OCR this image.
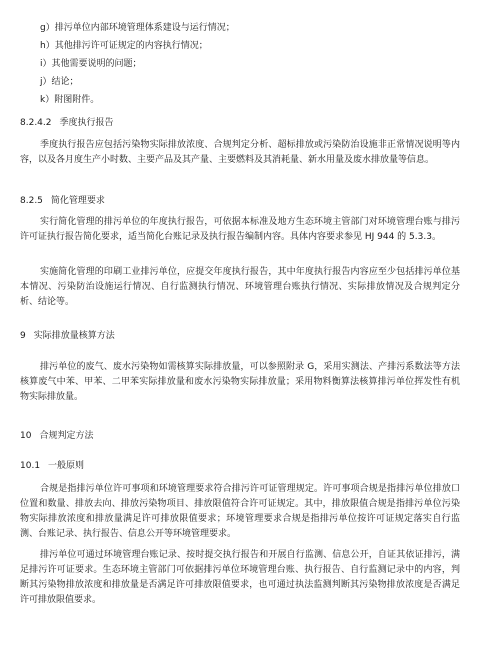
g）排污单位内部环境管理体系建设与运行情况；
h）其他排污许可证规定的内容执行情况；
i）其他需要说明的问题；
j）结论；
k）附图附件。
8.2.4.2 季度执行报告
季度执行报告应包括污染物实际排放浓度、合规判定分析、超标排放或污染防治设施非正常情况说明等内容，以及各月度生产小时数、主要产品及其产量、主要燃料及其消耗量、新水用量及废水排放量等信息。
8.2.5 简化管理要求
实行简化管理的排污单位的年度执行报告，可依据本标准及地方生态环境主管部门对环境管理台账与排污许可证执行报告简化要求，适当简化台账记录及执行报告编制内容。具体内容要求参见 HJ 944 的 5.3.3。
实施简化管理的印刷工业排污单位，应提交年度执行报告，其中年度执行报告内容应至少包括排污单位基本情况、污染防治设施运行情况、自行监测执行情况、环境管理台账执行情况、实际排放情况及合规判定分析、结论等。
9 实际排放量核算方法
排污单位的废气、废水污染物如需核算实际排放量，可以参照附录 G，采用实测法、产排污系数法等方法核算废气中苯、甲苯、二甲苯实际排放量和废水污染物实际排放量；采用物料衡算法核算排污单位挥发性有机物实际排放量。
10 合规判定方法
10.1 一般原则
合规是指排污单位许可事项和环境管理要求符合排污许可证管理规定。许可事项合规是指排污单位排放口位置和数量、排放去向、排放污染物项目、排放限值符合许可证规定。其中，排放限值合规是指排污单位污染物实际排放浓度和排放量满足许可排放限值要求；环境管理要求合规是指排污单位按许可证规定落实自行监测、台账记录、执行报告、信息公开等环境管理要求。
排污单位可通过环境管理台账记录、按时提交执行报告和开展自行监测、信息公开，自证其依证排污，满足排污许可证要求。生态环境主管部门可依据排污单位环境管理台账、执行报告、自行监测记录中的内容，判断其污染物排放浓度和排放量是否满足许可排放限值要求，也可通过执法监测判断其污染物排放浓度是否满足许可排放限值要求。
